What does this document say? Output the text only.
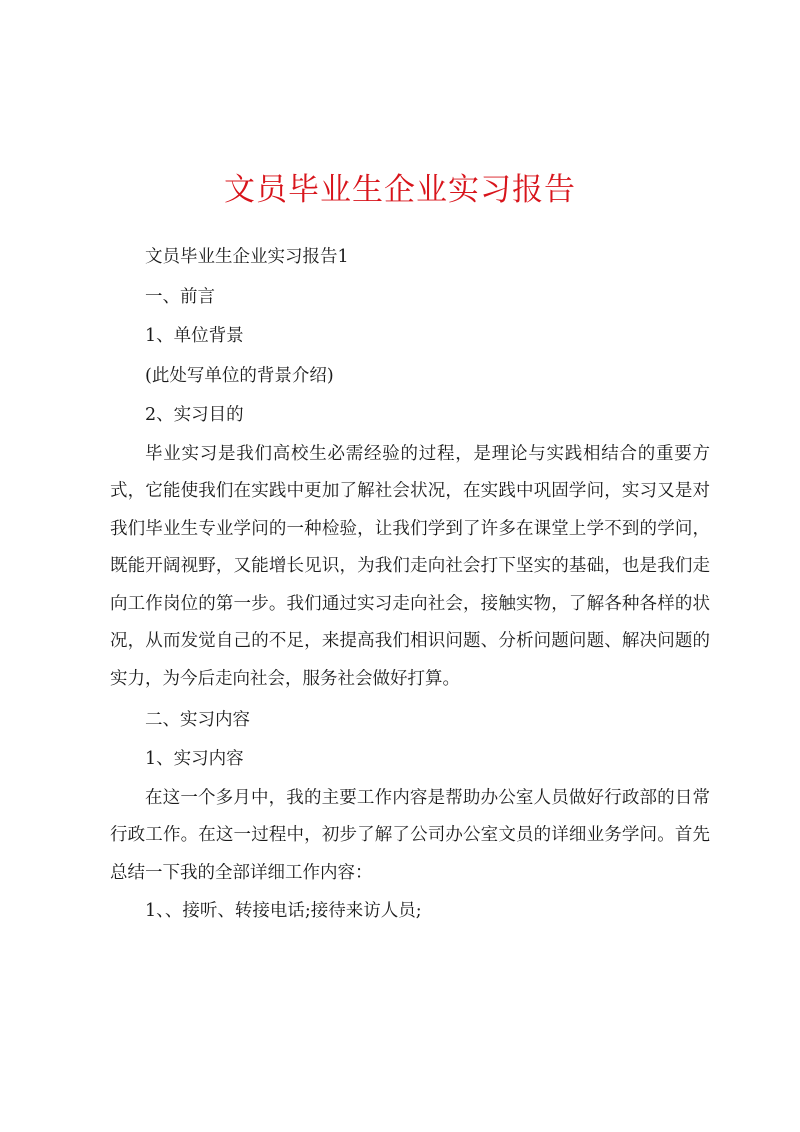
文员毕业生企业实习报告

文员毕业生企业实习报告1

一、前言

1、单位背景

(此处写单位的背景介绍)

2、实习目的

毕业实习是我们高校生必需经验的过程，是理论与实践相结合的重要方式，它能使我们在实践中更加了解社会状况，在实践中巩固学问，实习又是对我们毕业生专业学问的一种检验，让我们学到了许多在课堂上学不到的学问，既能开阔视野，又能增长见识，为我们走向社会打下坚实的基础，也是我们走向工作岗位的第一步。我们通过实习走向社会，接触实物，了解各种各样的状况，从而发觉自己的不足，来提高我们相识问题、分析问题问题、解决问题的实力，为今后走向社会，服务社会做好打算。

二、实习内容

1、实习内容

在这一个多月中，我的主要工作内容是帮助办公室人员做好行政部的日常行政工作。在这一过程中，初步了解了公司办公室文员的详细业务学问。首先总结一下我的全部详细工作内容：

1、、接听、转接电话;接待来访人员;
